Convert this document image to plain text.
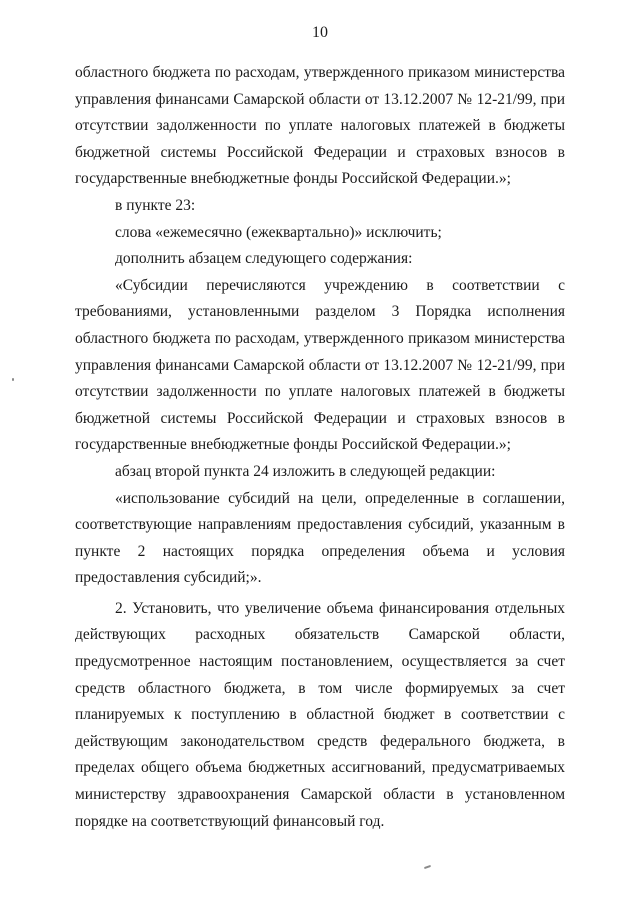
10
областного бюджета по расходам, утвержденного приказом министерства
управления финансами Самарской области от 13.12.2007 № 12-21/99, при
отсутствии задолженности по уплате налоговых платежей в бюджеты
бюджетной системы Российской Федерации и страховых взносов в
государственные внебюджетные фонды Российской Федерации.»;
в пункте 23:
слова «ежемесячно (ежеквартально)» исключить;
дополнить абзацем следующего содержания:
«Субсидии перечисляются учреждению в соответствии с
требованиями, установленными разделом 3 Порядка исполнения
областного бюджета по расходам, утвержденного приказом министерства
управления финансами Самарской области от 13.12.2007 № 12-21/99, при
отсутствии задолженности по уплате налоговых платежей в бюджеты
бюджетной системы Российской Федерации и страховых взносов в
государственные внебюджетные фонды Российской Федерации.»;
абзац второй пункта 24 изложить в следующей редакции:
«использование субсидий на цели, определенные в соглашении,
соответствующие направлениям предоставления субсидий, указанным в
пункте 2 настоящих порядка определения объема и условия
предоставления субсидий;».
2. Установить, что увеличение объема финансирования отдельных
действующих расходных обязательств Самарской области,
предусмотренное настоящим постановлением, осуществляется за счет
средств областного бюджета, в том числе формируемых за счет
планируемых к поступлению в областной бюджет в соответствии с
действующим законодательством средств федерального бюджета, в
пределах общего объема бюджетных ассигнований, предусматриваемых
министерству здравоохранения Самарской области в установленном
порядке на соответствующий финансовый год.
